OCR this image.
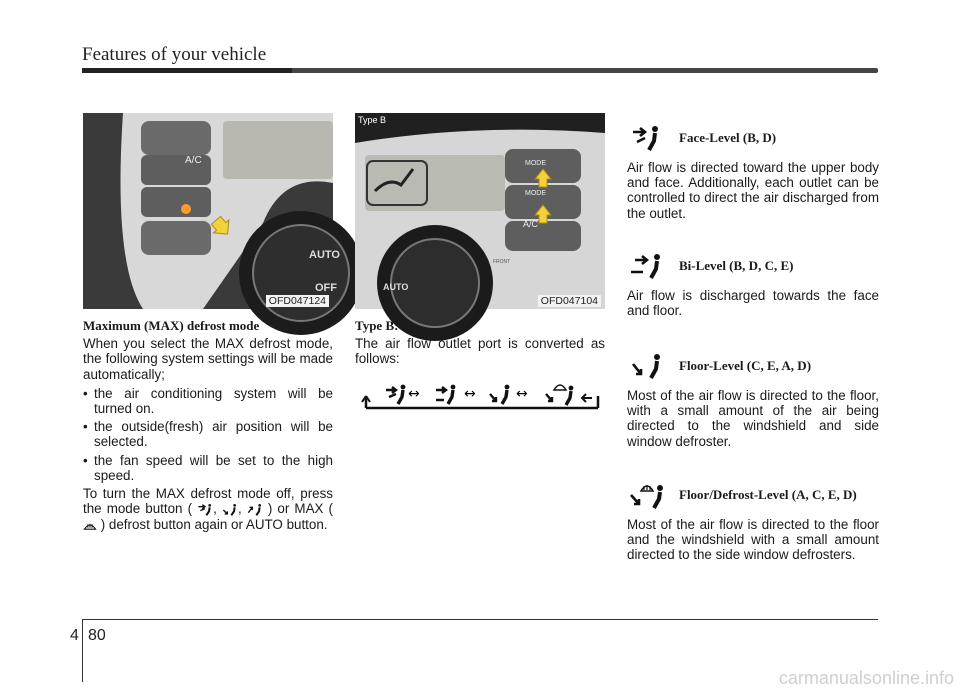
Features of your vehicle
A/C
AUTO
OFF
OFD047124
MODE
MODE
A/C
AUTO
FRONT
Type B
OFD047104
Maximum (MAX) defrost mode

When you select the MAX defrost mode, the following system settings will be made automatically;

• the air conditioning system will be turned on.
• the outside(fresh) air position will be selected.
• the fan speed will be set to the high speed.

To turn the MAX defrost mode off, press the mode button ( , ,  ) or MAX (  ) defrost button again or AUTO button.

Type B:

The air flow outlet port is converted as follows:

↔	↔	↔
Face-Level (B, D)

Air flow is directed toward the upper body and face. Additionally, each outlet can be controlled to direct the air discharged from the outlet.

Bi-Level (B, D, C, E)

Air flow is discharged towards the face and floor.

Floor-Level (C, E, A, D)

Most of the air flow is directed to the floor, with a small amount of the air being directed to the windshield and side window defroster.

Floor/Defrost-Level (A, C, E, D)

Most of the air flow is directed to the floor and the windshield with a small amount directed to the side window defrosters.

4 80
carmanualsonline.info
